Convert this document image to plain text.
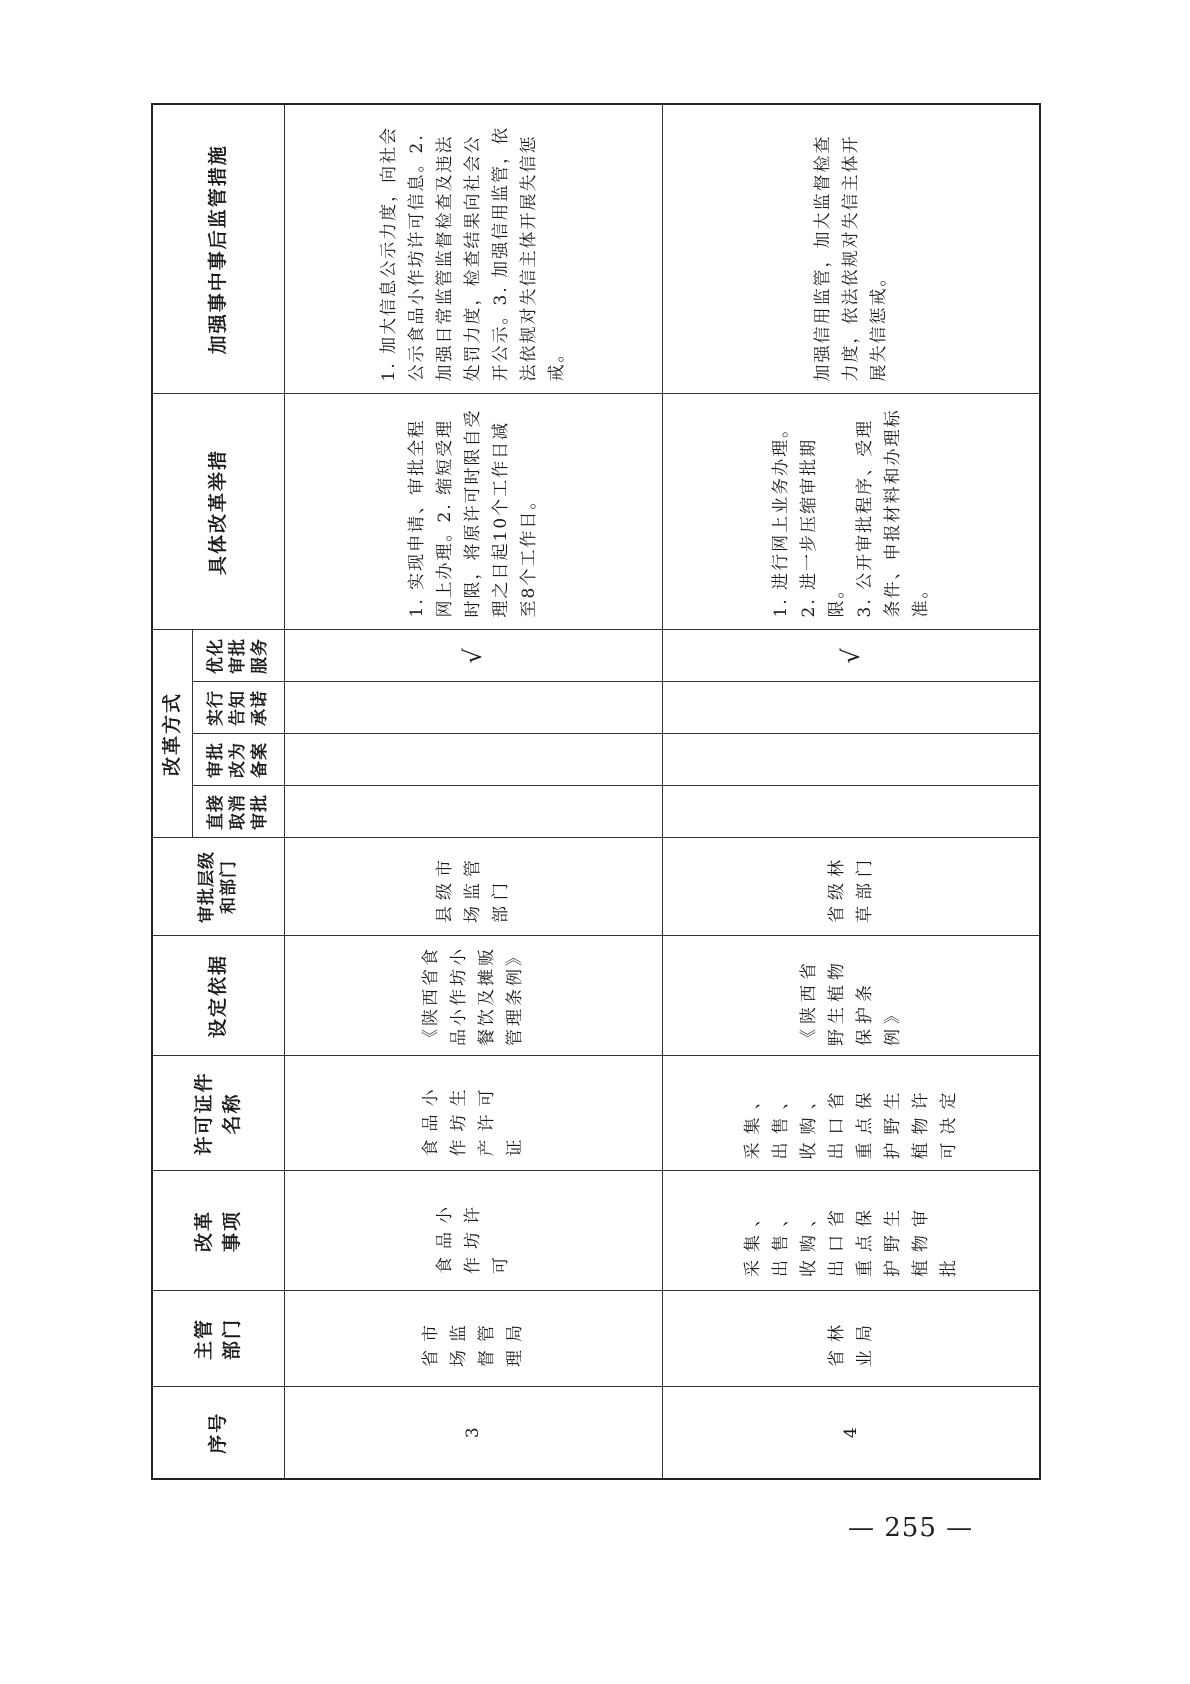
序号	主管部门	改革事项	许可证件名称	设定依据	审批层级和部门	改革方式				具体改革举措	加强事中事后监管措施
						直接取消审批	审批改为备案	实行告知承诺	优化审批服务		
3	省市场监督管理局	食品小作坊许可	食品小作坊生产许可证	《陕西省食品小作坊小餐饮及摊贩管理条例》	县级市场监管部门				√	1. 实现申请、审批全程网上办理。2. 缩短受理时限，将原许可时限自受理之日起10个工作日减至8个工作日。	1. 加大信息公示力度，向社会公示食品小作坊许可信息。2. 加强日常监管监督检查及违法处罚力度，检查结果向社会公开公示。3. 加强信用监管，依法依规对失信主体开展失信惩戒。
4	省林业局	采集、出售、收购、出口省重点保护野生植物审批	采集、出售、收购、出口省重点保护野生植物许可决定	《陕西省野生植物保护条例》	省级林草部门				√	1. 进行网上业务办理。 2. 进一步压缩审批期限。 3. 公开审批程序、受理条件、申报材料和办理标准。	加强信用监管，加大监督检查力度，依法依规对失信主体开展失信惩戒。
— 255 —
